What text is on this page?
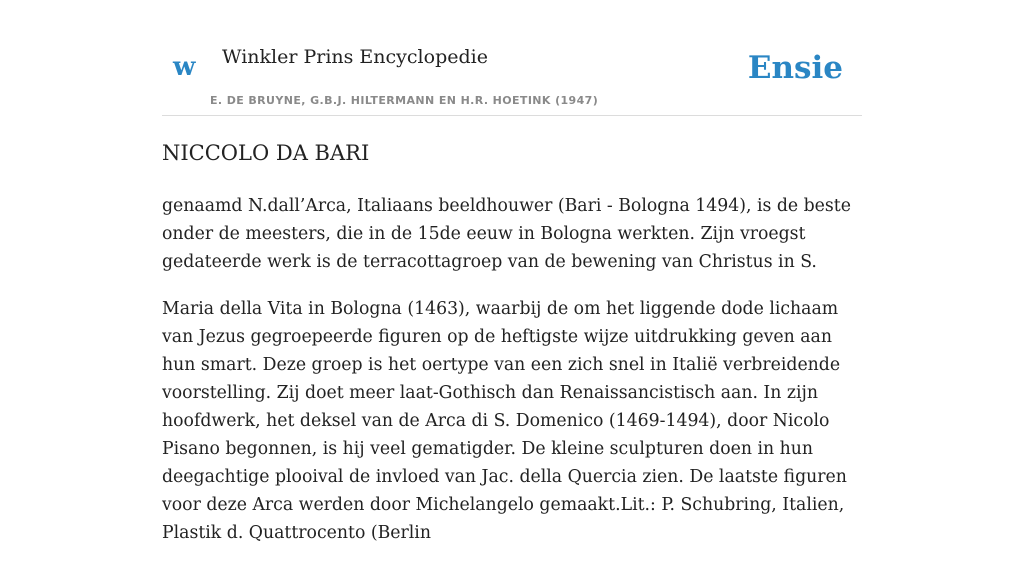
w Winkler Prins Encyclopedie
E. DE BRUYNE, G.B.J. HILTERMANN EN H.R. HOETINK (1947)
Ensie
NICCOLO DA BARI

genaamd N.dall’Arca, Italiaans beeldhouwer (Bari - Bologna 1494), is de beste onder de meesters, die in de 15de eeuw in Bologna werkten. Zijn vroegst gedateerde werk is de terracottagroep van de bewening van Christus in S.

Maria della Vita in Bologna (1463), waarbij de om het liggende dode lichaam van Jezus gegroepeerde figuren op de heftigste wijze uitdrukking geven aan hun smart. Deze groep is het oertype van een zich snel in Italië verbreidende voorstelling. Zij doet meer laat-Gothisch dan Renaissancistisch aan. In zijn hoofdwerk, het deksel van de Arca di S. Domenico (1469-1494), door Nicolo Pisano begonnen, is hij veel gematigder. De kleine sculpturen doen in hun deegachtige plooival de invloed van Jac. della Quercia zien. De laatste figuren voor deze Arca werden door Michelangelo gemaakt.Lit.: P. Schubring, Italien, Plastik d. Quattrocento (Berlin
